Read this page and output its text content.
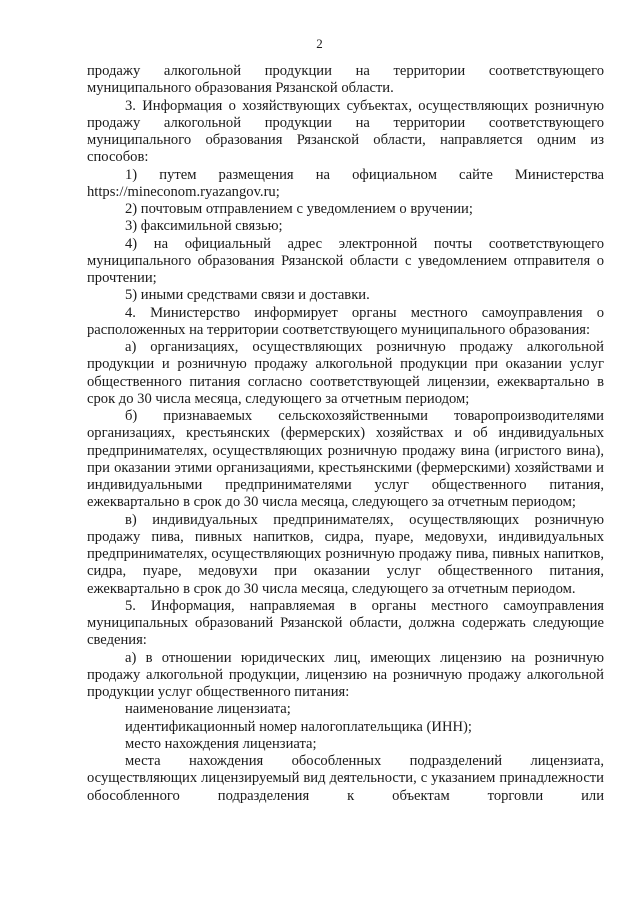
2

продажу алкогольной продукции на территории соответствующего муниципального образования Рязанской области.

3. Информация о хозяйствующих субъектах, осуществляющих розничную продажу алкогольной продукции на территории соответствующего муниципального образования Рязанской области, направляется одним из способов:

1) путем размещения на официальном сайте Министерства https://mineconom.ryazangov.ru;

2) почтовым отправлением с уведомлением о вручении;

3) факсимильной связью;

4) на официальный адрес электронной почты соответствующего муниципального образования Рязанской области с уведомлением отправителя о прочтении;

5) иными средствами связи и доставки.

4. Министерство информирует органы местного самоуправления о расположенных на территории соответствующего муниципального образования:

а) организациях, осуществляющих розничную продажу алкогольной продукции и розничную продажу алкогольной продукции при оказании услуг общественного питания согласно соответствующей лицензии, ежеквартально в срок до 30 числа месяца, следующего за отчетным периодом;

б) признаваемых сельскохозяйственными товаропроизводителями организациях, крестьянских (фермерских) хозяйствах и об индивидуальных предпринимателях, осуществляющих розничную продажу вина (игристого вина), при оказании этими организациями, крестьянскими (фермерскими) хозяйствами и индивидуальными предпринимателями услуг общественного питания, ежеквартально в срок до 30 числа месяца, следующего за отчетным периодом;

в) индивидуальных предпринимателях, осуществляющих розничную продажу пива, пивных напитков, сидра, пуаре, медовухи, индивидуальных предпринимателях, осуществляющих розничную продажу пива, пивных напитков, сидра, пуаре, медовухи при оказании услуг общественного питания, ежеквартально в срок до 30 числа месяца, следующего за отчетным периодом.

5. Информация, направляемая в органы местного самоуправления муниципальных образований Рязанской области, должна содержать следующие сведения:

а) в отношении юридических лиц, имеющих лицензию на розничную продажу алкогольной продукции, лицензию на розничную продажу алкогольной продукции услуг общественного питания:

наименование лицензиата;

идентификационный номер налогоплательщика (ИНН);

место нахождения лицензиата;

места нахождения обособленных подразделений лицензиата, осуществляющих лицензируемый вид деятельности, с указанием принадлежности обособленного подразделения к объектам торговли или
